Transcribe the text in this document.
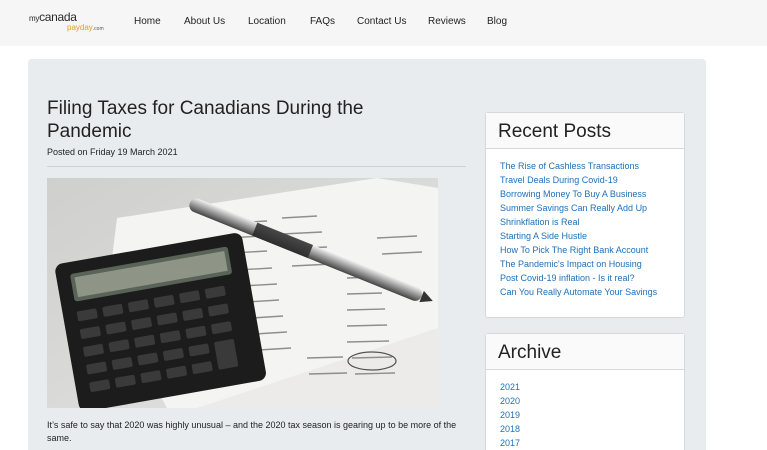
mycanada
payday.com
Home About Us Location FAQs Contact Us Reviews Blog
Filing Taxes for Canadians During the Pandemic
Posted on Friday 19 March 2021

It’s safe to say that 2020 was highly unusual – and the 2020 tax season is gearing up to be more of the same.

Recent Posts
The Rise of Cashless Transactions
Travel Deals During Covid-19
Borrowing Money To Buy A Business
Summer Savings Can Really Add Up
Shrinkflation is Real
Starting A Side Hustle
How To Pick The Right Bank Account
The Pandemic's Impact on Housing
Post Covid-19 inflation - Is it real?
Can You Really Automate Your Savings
Archive
2021
2020
2019
2018
2017
